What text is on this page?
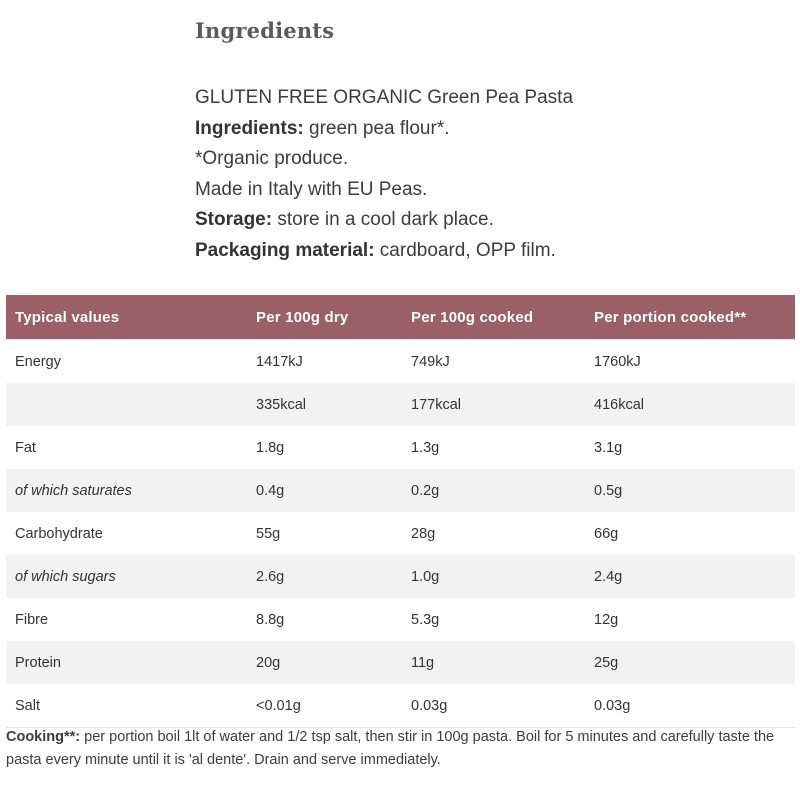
Ingredients
GLUTEN FREE ORGANIC Green Pea Pasta
Ingredients: green pea flour*.
*Organic produce.
Made in Italy with EU Peas.
Storage: store in a cool dark place.
Packaging material: cardboard, OPP film.
Typical values	Per 100g dry	Per 100g cooked	Per portion cooked**
Energy	1417kJ	749kJ	1760kJ
	335kcal	177kcal	416kcal
Fat	1.8g	1.3g	3.1g
of which saturates	0.4g	0.2g	0.5g
Carbohydrate	55g	28g	66g
of which sugars	2.6g	1.0g	2.4g
Fibre	8.8g	5.3g	12g
Protein	20g	11g	25g
Salt	<0.01g	0.03g	0.03g
Cooking**: per portion boil 1lt of water and 1/2 tsp salt, then stir in 100g pasta. Boil for 5 minutes and carefully taste the pasta every minute until it is 'al dente'. Drain and serve immediately.
